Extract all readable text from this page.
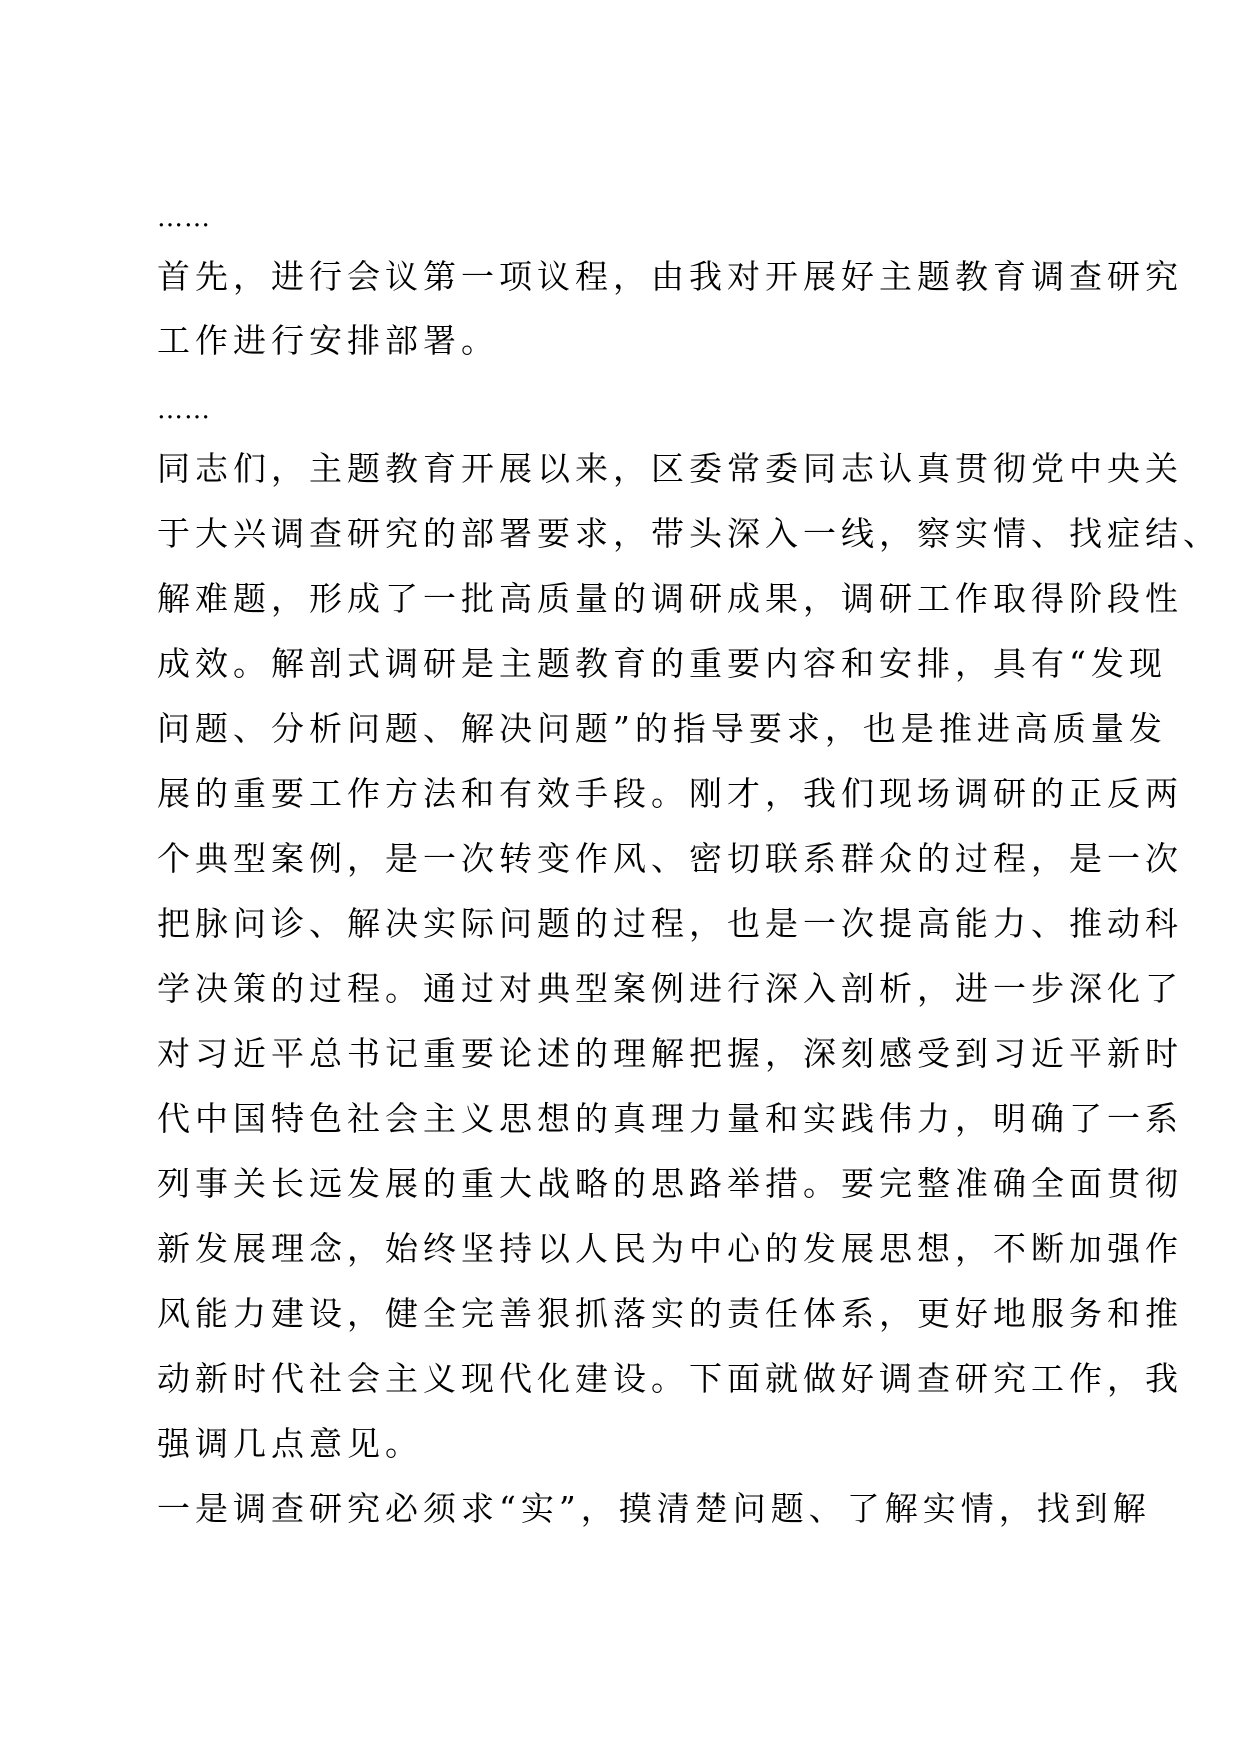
……

首先，进行会议第一项议程，由我对开展好主题教育调查研究

工作进行安排部署。

……

同志们，主题教育开展以来，区委常委同志认真贯彻党中央关

于大兴调查研究的部署要求，带头深入一线，察实情、找症结、

解难题，形成了一批高质量的调研成果，调研工作取得阶段性

成效。解剖式调研是主题教育的重要内容和安排，具有“发现

问题、分析问题、解决问题”的指导要求，也是推进高质量发

展的重要工作方法和有效手段。刚才，我们现场调研的正反两

个典型案例，是一次转变作风、密切联系群众的过程，是一次

把脉问诊、解决实际问题的过程，也是一次提高能力、推动科

学决策的过程。通过对典型案例进行深入剖析，进一步深化了

对习近平总书记重要论述的理解把握，深刻感受到习近平新时

代中国特色社会主义思想的真理力量和实践伟力，明确了一系

列事关长远发展的重大战略的思路举措。要完整准确全面贯彻

新发展理念，始终坚持以人民为中心的发展思想，不断加强作

风能力建设，健全完善狠抓落实的责任体系，更好地服务和推

动新时代社会主义现代化建设。下面就做好调查研究工作，我

强调几点意见。

一是调查研究必须求“实”，摸清楚问题、了解实情，找到解
